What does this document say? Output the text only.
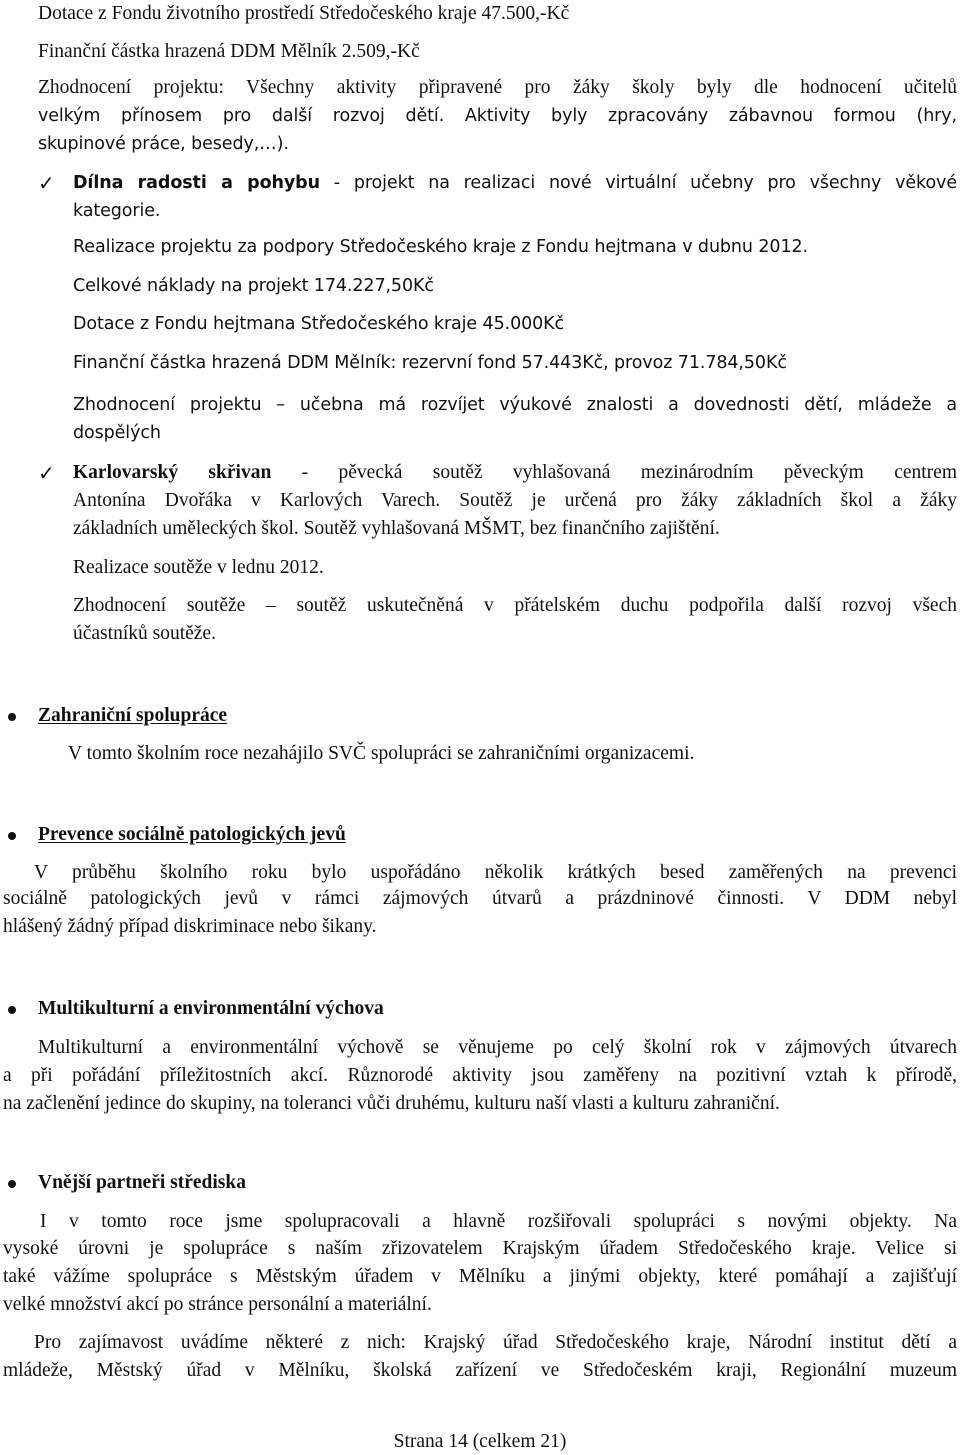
Dotace z Fondu životního prostředí Středočeského kraje 47.500,-Kč

Finanční částka hrazená DDM Mělník 2.509,-Kč

Zhodnocení projektu: Všechny aktivity připravené pro žáky školy byly dle hodnocení učitelů

velkým přínosem pro další rozvoj dětí. Aktivity byly zpracovány zábavnou formou (hry,

skupinové práce, besedy,…).

✓ Dílna radosti a pohybu - projekt na realizaci nové virtuální učebny pro všechny věkové

kategorie.

Realizace projektu za podpory Středočeského kraje z Fondu hejtmana v dubnu 2012.

Celkové náklady na projekt 174.227,50Kč

Dotace z Fondu hejtmana Středočeského kraje 45.000Kč

Finanční částka hrazená DDM Mělník: rezervní fond 57.443Kč, provoz 71.784,50Kč

Zhodnocení projektu – učebna má rozvíjet výukové znalosti a dovednosti dětí, mládeže a

dospělých

✓ Karlovarský skřivan - pěvecká soutěž vyhlašovaná mezinárodním pěveckým centrem

Antonína Dvořáka v Karlových Varech. Soutěž je určená pro žáky základních škol a žáky

základních uměleckých škol. Soutěž vyhlašovaná MŠMT, bez finančního zajištění.

Realizace soutěže v lednu 2012.

Zhodnocení soutěže – soutěž uskutečněná v přátelském duchu podpořila další rozvoj všech

účastníků soutěže.

Zahraniční spolupráce

V tomto školním roce nezahájilo SVČ spolupráci se zahraničními organizacemi.

Prevence sociálně patologických jevů

V průběhu školního roku bylo uspořádáno několik krátkých besed zaměřených na prevenci

sociálně patologických jevů v rámci zájmových útvarů a prázdninové činnosti. V DDM nebyl

hlášený žádný případ diskriminace nebo šikany.

Multikulturní a environmentální výchova

Multikulturní a environmentální výchově se věnujeme po celý školní rok v zájmových útvarech

a při pořádání příležitostních akcí. Různorodé aktivity jsou zaměřeny na pozitivní vztah k přírodě,

na začlenění jedince do skupiny, na toleranci vůči druhému, kulturu naší vlasti a kulturu zahraniční.

Vnější partneři střediska

I v tomto roce jsme spolupracovali a hlavně rozšiřovali spolupráci s novými objekty. Na

vysoké úrovni je spolupráce s naším zřizovatelem Krajským úřadem Středočeského kraje. Velice si

také vážíme spolupráce s Městským úřadem v Mělníku a jinými objekty, které pomáhají a zajišťují

velké množství akcí po stránce personální a materiální.

Pro zajímavost uvádíme některé z nich: Krajský úřad Středočeského kraje, Národní institut dětí a

mládeže, Městský úřad v Mělníku, školská zařízení ve Středočeském kraji, Regionální muzeum

Strana 14 (celkem 21)
